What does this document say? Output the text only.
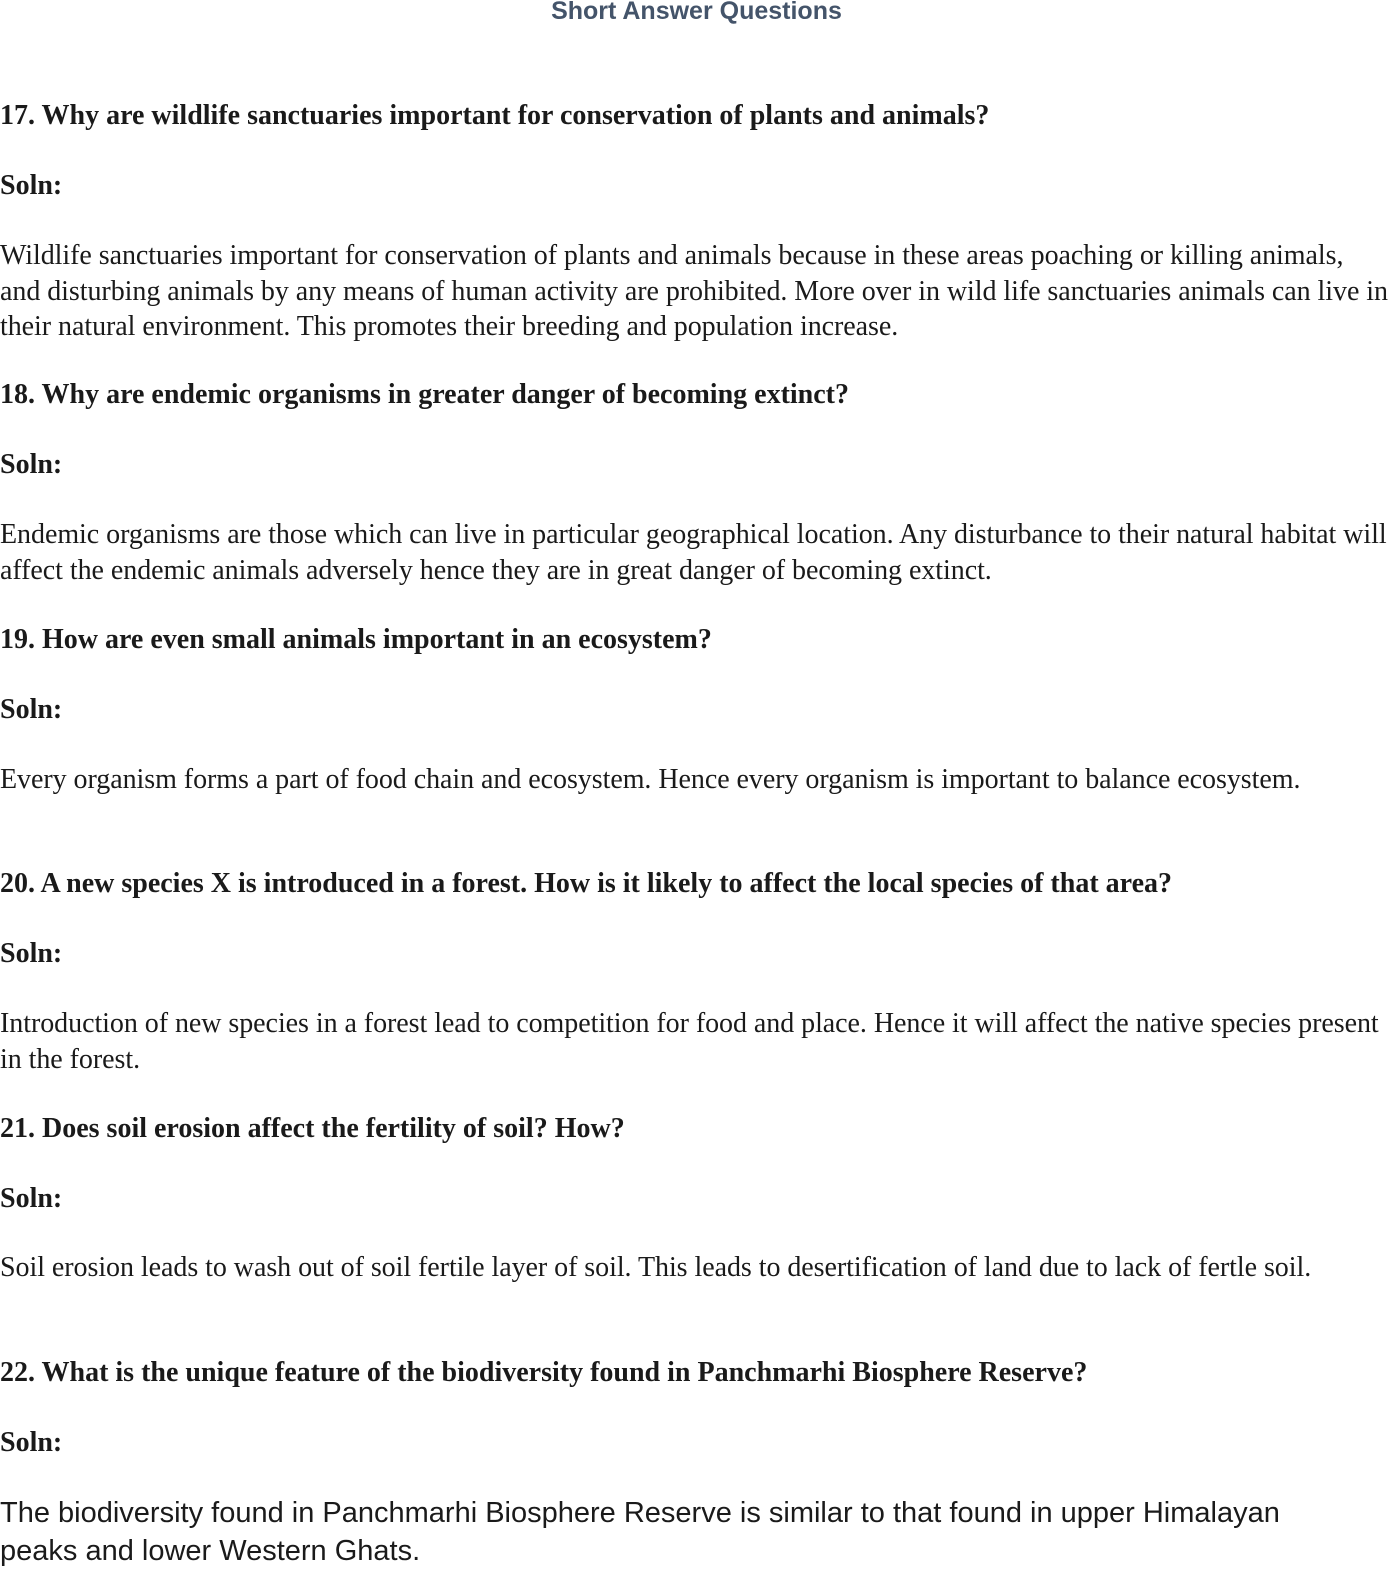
Short Answer Questions

17. Why are wildlife sanctuaries important for conservation of plants and animals?

Soln:

Wildlife sanctuaries important for conservation of plants and animals because in these areas poaching or killing animals, and disturbing animals by any means of human activity are prohibited. More over in wild life sanctuaries animals can live in their natural environment. This promotes their breeding and population increase.

18. Why are endemic organisms in greater danger of becoming extinct?

Soln:

Endemic organisms are those which can live in particular geographical location. Any disturbance to their natural habitat will affect the endemic animals adversely hence they are in great danger of becoming extinct.

19. How are even small animals important in an ecosystem?

Soln:

Every organism forms a part of food chain and ecosystem. Hence every organism is important to balance ecosystem.

20. A new species X is introduced in a forest. How is it likely to affect the local species of that area?

Soln:

Introduction of new species in a forest lead to competition for food and place. Hence it will affect the native species present in the forest.

21. Does soil erosion affect the fertility of soil? How?

Soln:

Soil erosion leads to wash out of soil fertile layer of soil. This leads to desertification of land due to lack of fertle soil.

22. What is the unique feature of the biodiversity found in Panchmarhi Biosphere Reserve?

Soln:

The biodiversity found in Panchmarhi Biosphere Reserve is similar to that found in upper Himalayan peaks and lower Western Ghats.
